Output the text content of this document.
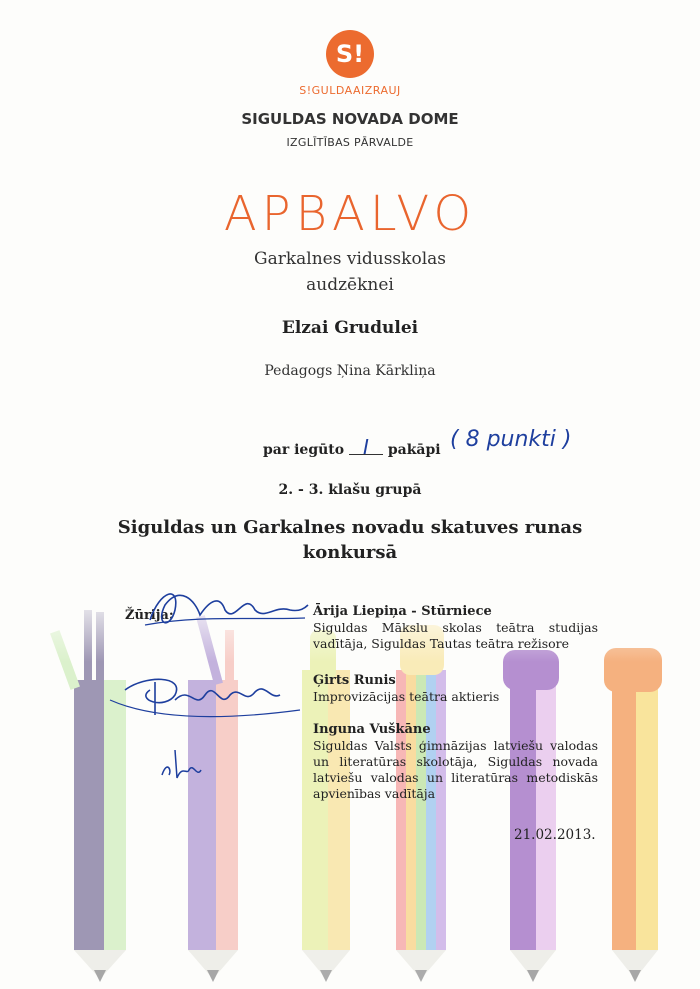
S!
S!GULDAAIZRAUJ
SIGULDAS NOVADA DOME
IZGLĪTĪBAS PĀRVALDE
APBALVO
Garkalnes vidusskolas
audzēknei
Elzai Grudulei
Pedagogs Ņina Kārkliņa
par iegūto I pakāpi ( 8 punkti )
2. - 3. klašu grupā
Siguldas un Garkalnes novadu skatuves runas
konkursā
Žūrija:	Ārija Liepiņa - Stūrniece
Siguldas Mākslu skolas teātra studijas vadītāja, Siguldas Tautas teātra režisore
Ģirts Runis
Improvizācijas teātra aktieris
Inguna Vuškāne
Siguldas Valsts ģimnāzijas latviešu valodas un literatūras skolotāja, Siguldas novada latviešu valodas un literatūras metodiskās apvienības vadītāja
21.02.2013.
